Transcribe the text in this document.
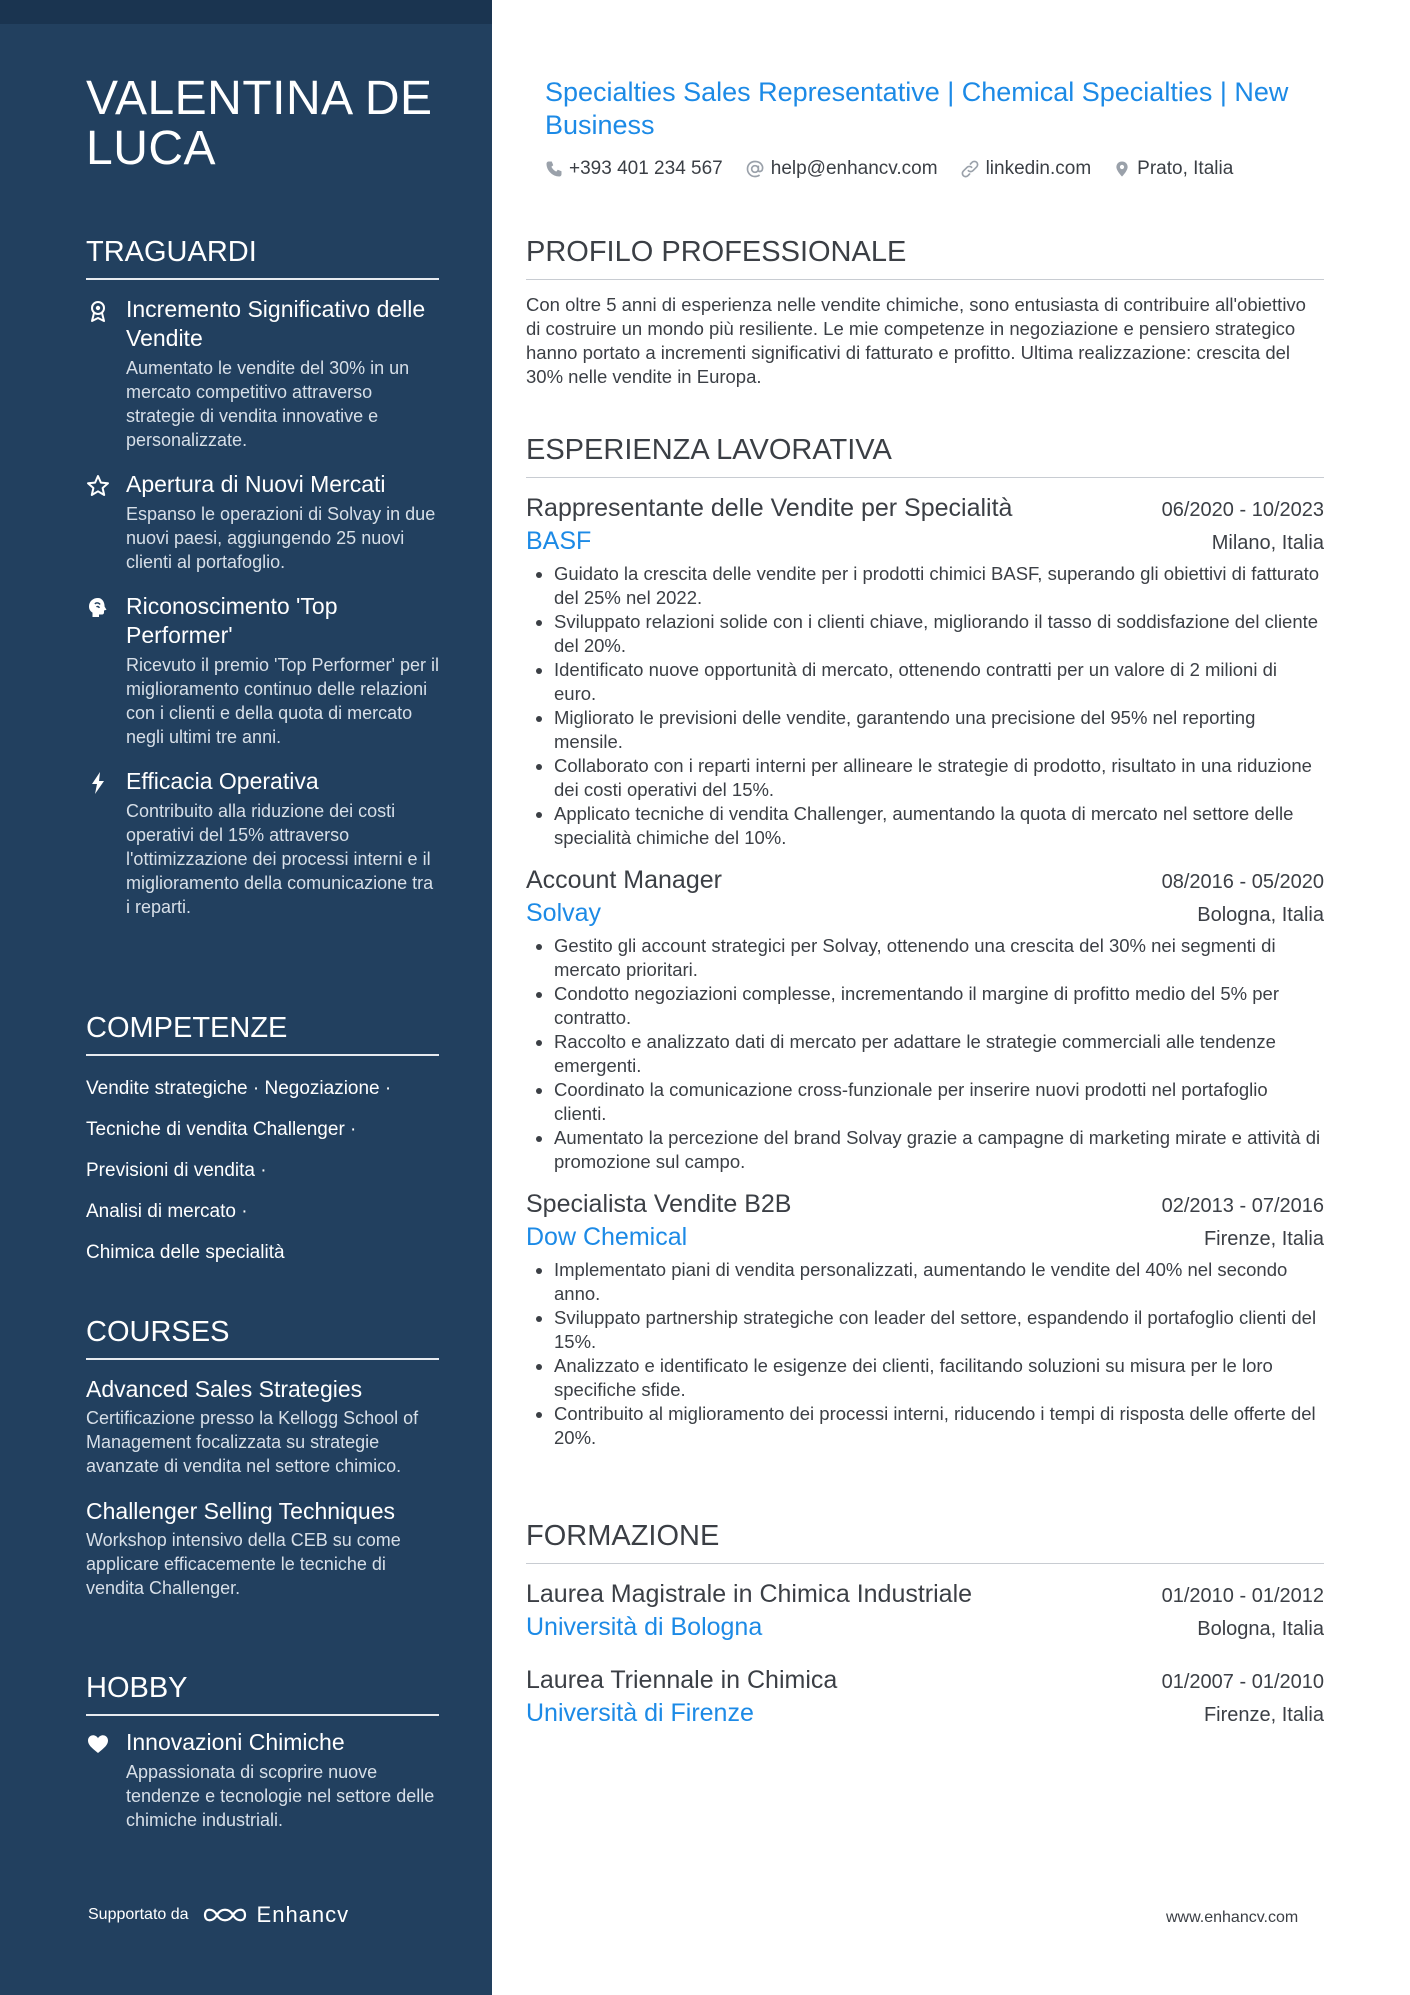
VALENTINA DE LUCA
TRAGUARDI
Incremento Significativo delle Vendite
Aumentato le vendite del 30% in un mercato competitivo attraverso strategie di vendita innovative e personalizzate.
Apertura di Nuovi Mercati
Espanso le operazioni di Solvay in due nuovi paesi, aggiungendo 25 nuovi clienti al portafoglio.
Riconoscimento 'Top Performer'
Ricevuto il premio 'Top Performer' per il miglioramento continuo delle relazioni con i clienti e della quota di mercato negli ultimi tre anni.
Efficacia Operativa
Contribuito alla riduzione dei costi operativi del 15% attraverso l'ottimizzazione dei processi interni e il miglioramento della comunicazione tra i reparti.
COMPETENZE
Vendite strategiche · Negoziazione ·
Tecniche di vendita Challenger ·
Previsioni di vendita ·
Analisi di mercato ·
Chimica delle specialità
COURSES
Advanced Sales Strategies
Certificazione presso la Kellogg School of Management focalizzata su strategie avanzate di vendita nel settore chimico.
Challenger Selling Techniques
Workshop intensivo della CEB su come applicare efficacemente le tecniche di vendita Challenger.
HOBBY
Innovazioni Chimiche
Appassionata di scoprire nuove tendenze e tecnologie nel settore delle chimiche industriali.
Supportato da	Enhancv
Specialties Sales Representative | Chemical Specialties | New Business
+393 401 234 567	help@enhancv.com	linkedin.com Prato, Italia
PROFILO PROFESSIONALE
Con oltre 5 anni di esperienza nelle vendite chimiche, sono entusiasta di contribuire all'obiettivo di costruire un mondo più resiliente. Le mie competenze in negoziazione e pensiero strategico hanno portato a incrementi significativi di fatturato e profitto. Ultima realizzazione: crescita del 30% nelle vendite in Europa.
ESPERIENZA LAVORATIVA
Rappresentante delle Vendite per Specialità	06/2020 - 10/2023
BASF	Milano, Italia
• Guidato la crescita delle vendite per i prodotti chimici BASF, superando gli obiettivi di fatturato del 25% nel 2022.
• Sviluppato relazioni solide con i clienti chiave, migliorando il tasso di soddisfazione del cliente del 20%.
• Identificato nuove opportunità di mercato, ottenendo contratti per un valore di 2 milioni di euro.
• Migliorato le previsioni delle vendite, garantendo una precisione del 95% nel reporting mensile.
• Collaborato con i reparti interni per allineare le strategie di prodotto, risultato in una riduzione dei costi operativi del 15%.
• Applicato tecniche di vendita Challenger, aumentando la quota di mercato nel settore delle specialità chimiche del 10%.
Account Manager	08/2016 - 05/2020
Solvay	Bologna, Italia
• Gestito gli account strategici per Solvay, ottenendo una crescita del 30% nei segmenti di mercato prioritari.
• Condotto negoziazioni complesse, incrementando il margine di profitto medio del 5% per contratto.
• Raccolto e analizzato dati di mercato per adattare le strategie commerciali alle tendenze emergenti.
• Coordinato la comunicazione cross-funzionale per inserire nuovi prodotti nel portafoglio clienti.
• Aumentato la percezione del brand Solvay grazie a campagne di marketing mirate e attività di promozione sul campo.
Specialista Vendite B2B	02/2013 - 07/2016
Dow Chemical	Firenze, Italia
• Implementato piani di vendita personalizzati, aumentando le vendite del 40% nel secondo anno.
• Sviluppato partnership strategiche con leader del settore, espandendo il portafoglio clienti del 15%.
• Analizzato e identificato le esigenze dei clienti, facilitando soluzioni su misura per le loro specifiche sfide.
• Contribuito al miglioramento dei processi interni, riducendo i tempi di risposta delle offerte del 20%.
FORMAZIONE
Laurea Magistrale in Chimica Industriale	01/2010 - 01/2012
Università di Bologna	Bologna, Italia
Laurea Triennale in Chimica	01/2007 - 01/2010
Università di Firenze	Firenze, Italia
www.enhancv.com
